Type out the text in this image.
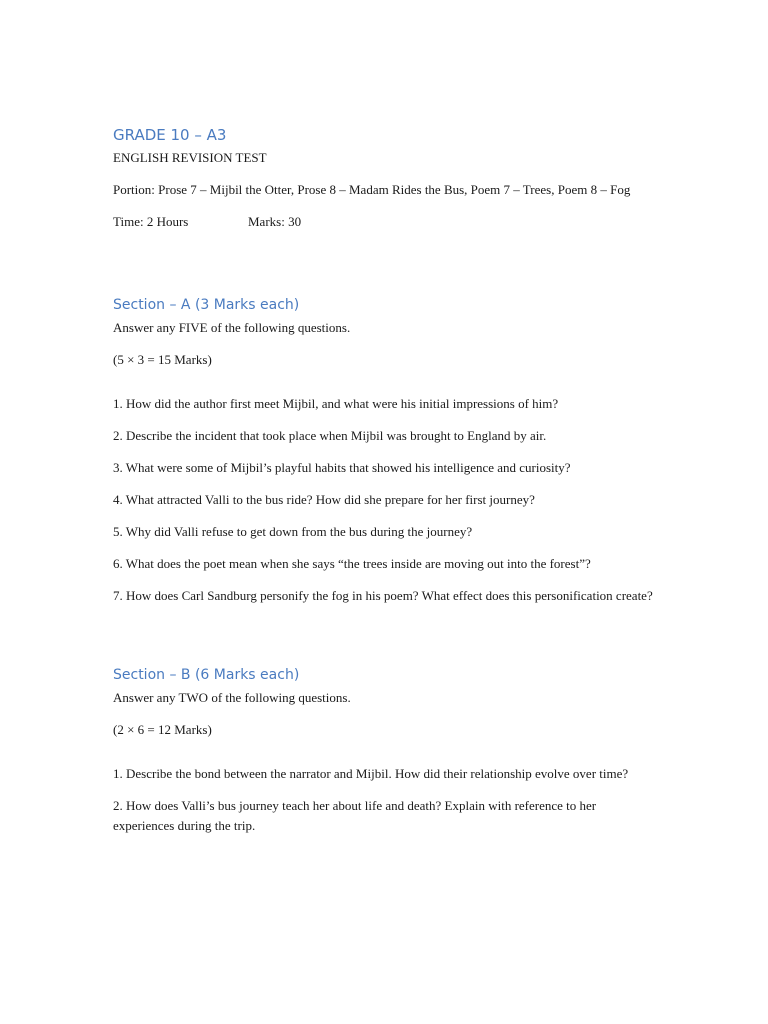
GRADE 10 – A3

ENGLISH REVISION TEST

Portion: Prose 7 – Mijbil the Otter, Prose 8 – Madam Rides the Bus, Poem 7 – Trees, Poem 8 – Fog

Time: 2 Hours	Marks: 30
Section – A (3 Marks each)

Answer any FIVE of the following questions.

(5 × 3 = 15 Marks)

1. How did the author first meet Mijbil, and what were his initial impressions of him?

2. Describe the incident that took place when Mijbil was brought to England by air.

3. What were some of Mijbil’s playful habits that showed his intelligence and curiosity?

4. What attracted Valli to the bus ride? How did she prepare for her first journey?

5. Why did Valli refuse to get down from the bus during the journey?

6. What does the poet mean when she says “the trees inside are moving out into the forest”?

7. How does Carl Sandburg personify the fog in his poem? What effect does this personification create?

Section – B (6 Marks each)

Answer any TWO of the following questions.

(2 × 6 = 12 Marks)

1. Describe the bond between the narrator and Mijbil. How did their relationship evolve over time?

2. How does Valli’s bus journey teach her about life and death? Explain with reference to her experiences during the trip.
